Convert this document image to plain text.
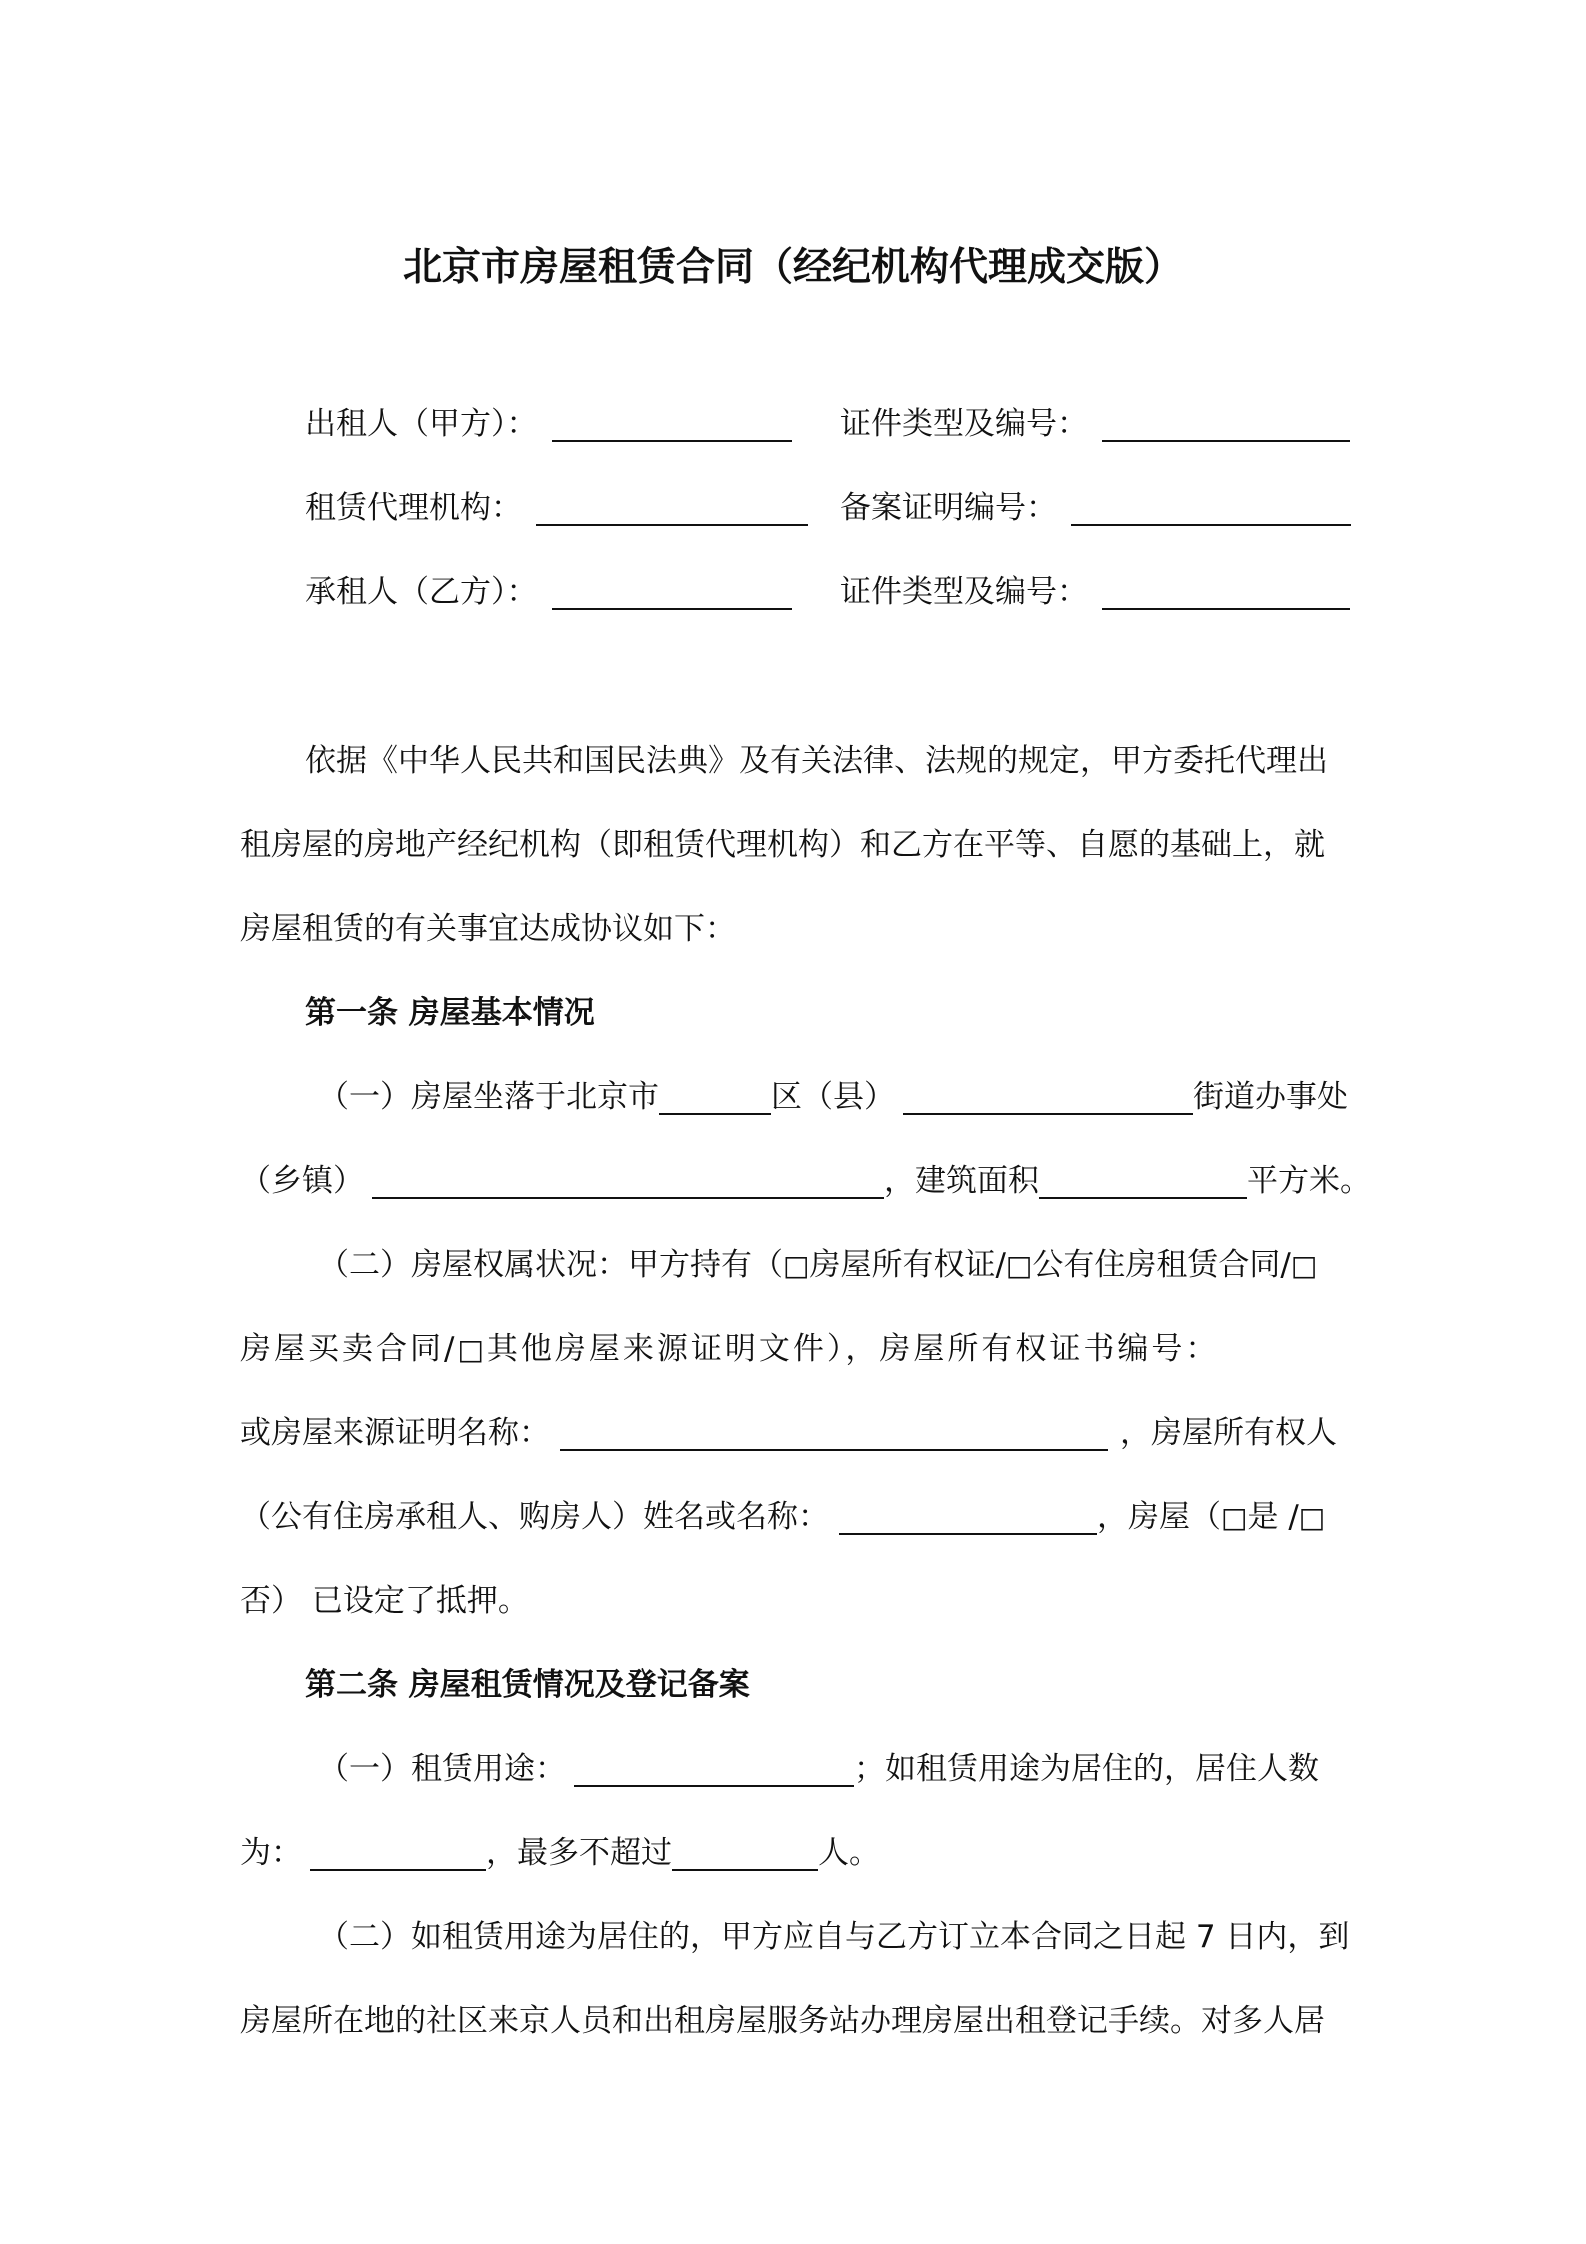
北京市房屋租赁合同（经纪机构代理成交版）
出租人（甲方）：	证件类型及编号：
租赁代理机构：	备案证明编号：
承租人（乙方）：	证件类型及编号：
依据《中华人民共和国民法典》及有关法律、法规的规定，甲方委托代理出
租房屋的房地产经纪机构（即租赁代理机构）和乙方在平等、自愿的基础上，就
房屋租赁的有关事宜达成协议如下：
第一条 房屋基本情况
（一）房屋坐落于北京市	区（县）	街道办事处
（乡镇）	，建筑面积	平方米。
（二）房屋权属状况：甲方持有（□房屋所有权证/□公有住房租赁合同/□
房屋买卖合同/□其他房屋来源证明文件），房屋所有权证书编号：
或房屋来源证明名称：	，房屋所有权人
（公有住房承租人、购房人）姓名或名称：	，房屋（□是 /□
否） 已设定了抵押。
第二条 房屋租赁情况及登记备案
（一）租赁用途：	；如租赁用途为居住的，居住人数
为：	，最多不超过	人。
（二）如租赁用途为居住的，甲方应自与乙方订立本合同之日起 7 日内，到
房屋所在地的社区来京人员和出租房屋服务站办理房屋出租登记手续。对多人居
